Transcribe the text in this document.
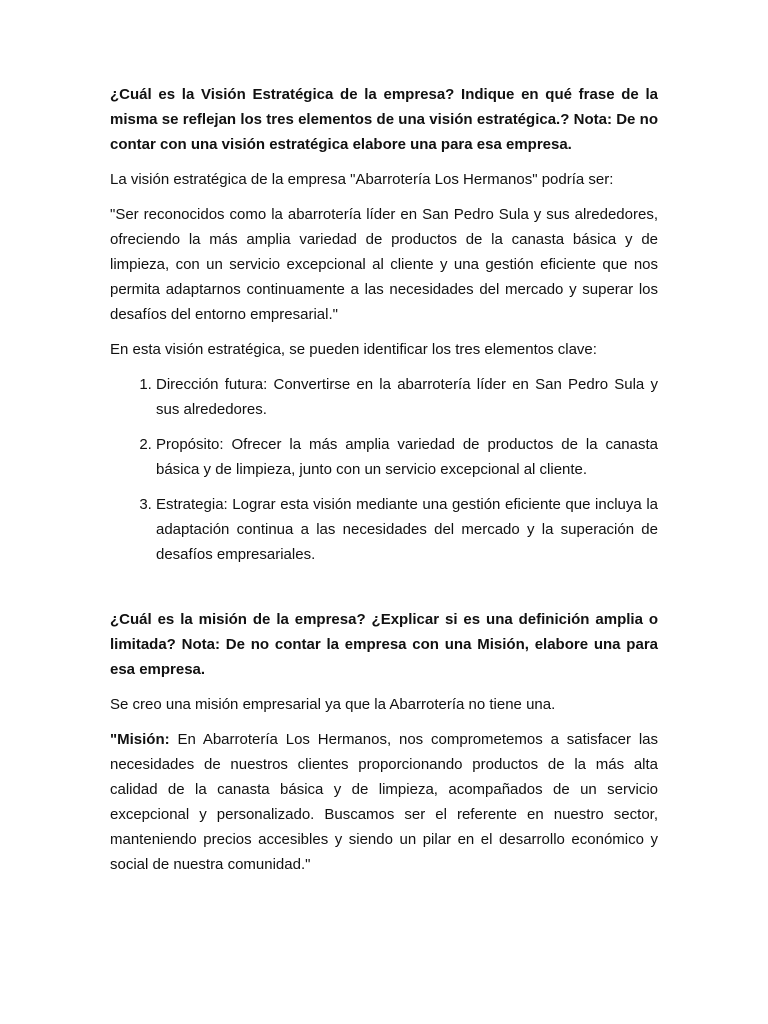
¿Cuál es la Visión Estratégica de la empresa? Indique en qué frase de la misma se reflejan los tres elementos de una visión estratégica.? Nota: De no contar con una visión estratégica elabore una para esa empresa.

La visión estratégica de la empresa "Abarrotería Los Hermanos" podría ser:

"Ser reconocidos como la abarrotería líder en San Pedro Sula y sus alrededores, ofreciendo la más amplia variedad de productos de la canasta básica y de limpieza, con un servicio excepcional al cliente y una gestión eficiente que nos permita adaptarnos continuamente a las necesidades del mercado y superar los desafíos del entorno empresarial."

En esta visión estratégica, se pueden identificar los tres elementos clave:

1. Dirección futura: Convertirse en la abarrotería líder en San Pedro Sula y sus alrededores.
2. Propósito: Ofrecer la más amplia variedad de productos de la canasta básica y de limpieza, junto con un servicio excepcional al cliente.
3. Estrategia: Lograr esta visión mediante una gestión eficiente que incluya la adaptación continua a las necesidades del mercado y la superación de desafíos empresariales.

¿Cuál es la misión de la empresa? ¿Explicar si es una definición amplia o limitada? Nota: De no contar la empresa con una Misión, elabore una para esa empresa.

Se creo una misión empresarial ya que la Abarrotería no tiene una.

"Misión: En Abarrotería Los Hermanos, nos comprometemos a satisfacer las necesidades de nuestros clientes proporcionando productos de la más alta calidad de la canasta básica y de limpieza, acompañados de un servicio excepcional y personalizado. Buscamos ser el referente en nuestro sector, manteniendo precios accesibles y siendo un pilar en el desarrollo económico y social de nuestra comunidad."
